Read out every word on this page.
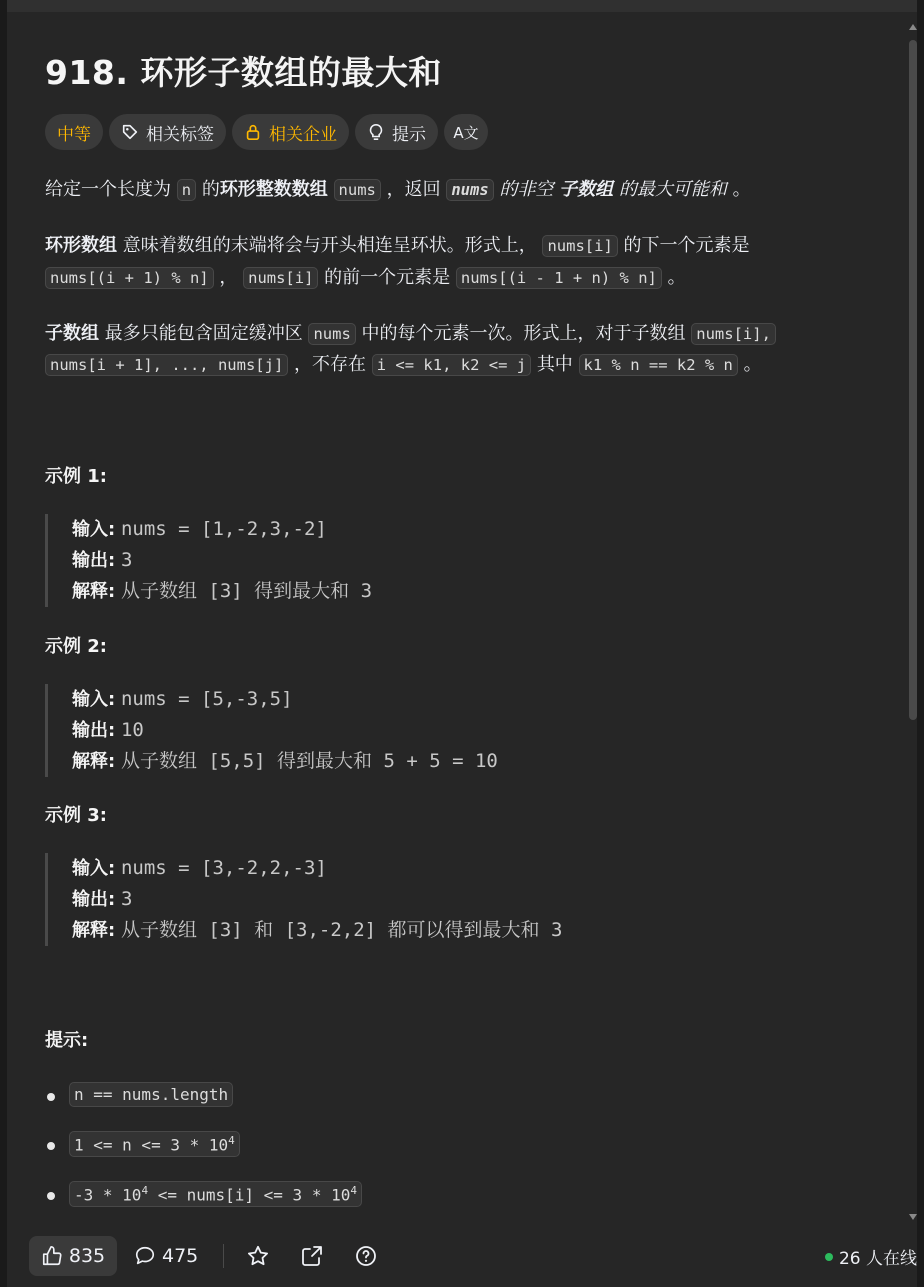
918. 环形子数组的最大和
中等	相关标签	相关企业	提示 A文
给定一个长度为 n 的环形整数数组 nums ，返回 nums 的非空 子数组 的最大可能和 。
环形数组 意味着数组的末端将会与开头相连呈环状。形式上， nums[i] 的下一个元素是
nums[(i + 1) % n] ， nums[i] 的前一个元素是 nums[(i - 1 + n) % n] 。
子数组 最多只能包含固定缓冲区 nums 中的每个元素一次。形式上，对于子数组 nums[i],
nums[i + 1], ..., nums[j] ，不存在 i <= k1, k2 <= j 其中 k1 % n == k2 % n 。
示例 1:
输入: nums = [1,-2,3,-2]
输出: 3
解释: 从子数组 [3] 得到最大和 3
示例 2:
输入: nums = [5,-3,5]
输出: 10
解释: 从子数组 [5,5] 得到最大和 5 + 5 = 10
示例 3:
输入: nums = [3,-2,2,-3]
输出: 3
解释: 从子数组 [3] 和 [3,-2,2] 都可以得到最大和 3
提示:
n == nums.length
$1 <= n <= 3 * 10^4$
$-3 * 10^4$ <= nums[i] <= $3 * 10^4$
835	475	26 人在线
